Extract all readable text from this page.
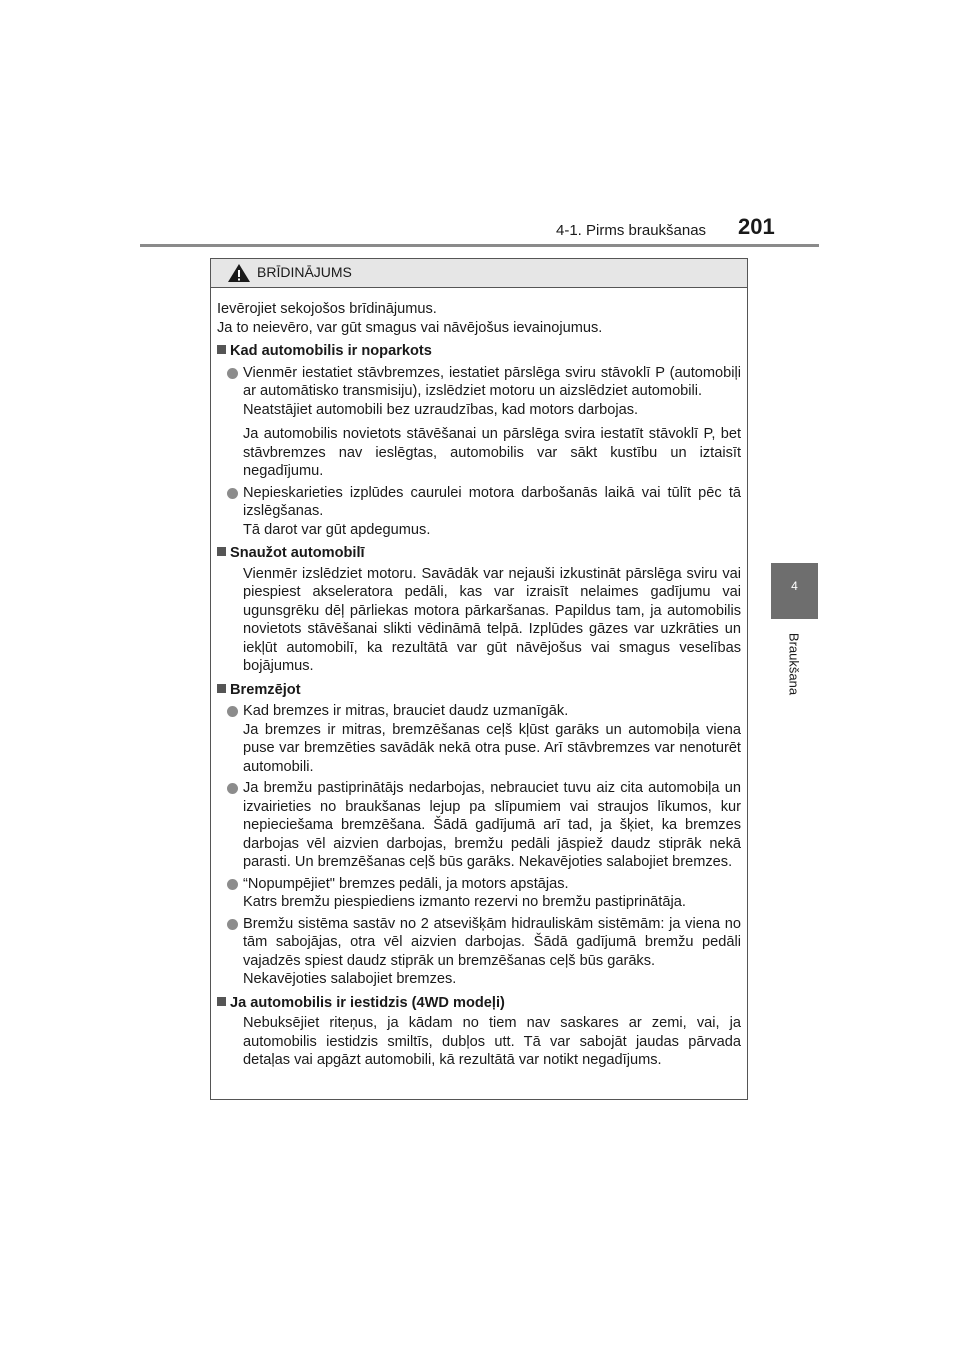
4-1. Pirms braukšanas 201
4
Braukšana
BRĪDINĀJUMS

Ievērojiet sekojošos brīdinājumus.

Ja to neievēro, var gūt smagus vai nāvējošus ievainojumus.

Kad automobilis ir noparkots

Vienmēr iestatiet stāvbremzes, iestatiet pārslēga sviru stāvoklī P (automobiļi ar automātisko transmisiju), izslēdziet motoru un aizslēdziet automobili.
Neatstājiet automobili bez uzraudzības, kad motors darbojas.

Ja automobilis novietots stāvēšanai un pārslēga svira iestatīt stāvoklī P, bet stāvbremzes nav ieslēgtas, automobilis var sākt kustību un iztaisīt negadījumu.

Nepieskarieties izplūdes caurulei motora darbošanās laikā vai tūlīt pēc tā izslēgšanas.
Tā darot var gūt apdegumus.

Snaužot automobilī

Vienmēr izslēdziet motoru. Savādāk var nejauši izkustināt pārslēga sviru vai piespiest akseleratora pedāli, kas var izraisīt nelaimes gadījumu vai ugunsgrēku dēļ pārliekas motora pārkaršanas. Papildus tam, ja automobilis novietots stāvēšanai slikti vēdināmā telpā. Izplūdes gāzes var uzkrāties un iekļūt automobilī, ka rezultātā var gūt nāvējošus vai smagus veselības bojājumus.

Bremzējot

Kad bremzes ir mitras, brauciet daudz uzmanīgāk.
Ja bremzes ir mitras, bremzēšanas ceļš kļūst garāks un automobiļa viena puse var bremzēties savādāk nekā otra puse. Arī stāvbremzes var nenoturēt automobili.

Ja bremžu pastiprinātājs nedarbojas, nebrauciet tuvu aiz cita automobiļa un izvairieties no braukšanas lejup pa slīpumiem vai straujos līkumos, kur nepieciešama bremzēšana. Šādā gadījumā arī tad, ja šķiet, ka bremzes darbojas vēl aizvien darbojas, bremžu pedāli jāspiež daudz stiprāk nekā parasti. Un bremzēšanas ceļš būs garāks. Nekavējoties salabojiet bremzes.

“Nopumpējiet" bremzes pedāli, ja motors apstājas.
Katrs bremžu piespiediens izmanto rezervi no bremžu pastiprinātāja.

Bremžu sistēma sastāv no 2 atsevišķām hidrauliskām sistēmām: ja viena no tām sabojājas, otra vēl aizvien darbojas. Šādā gadījumā bremžu pedāli vajadzēs spiest daudz stiprāk un bremzēšanas ceļš būs garāks.
Nekavējoties salabojiet bremzes.

Ja automobilis ir iestidzis (4WD modeļi)

Nebuksējiet riteņus, ja kādam no tiem nav saskares ar zemi, vai, ja automobilis iestidzis smiltīs, dubļos utt. Tā var sabojāt jaudas pārvada detaļas vai apgāzt automobili, kā rezultātā var notikt negadījums.
